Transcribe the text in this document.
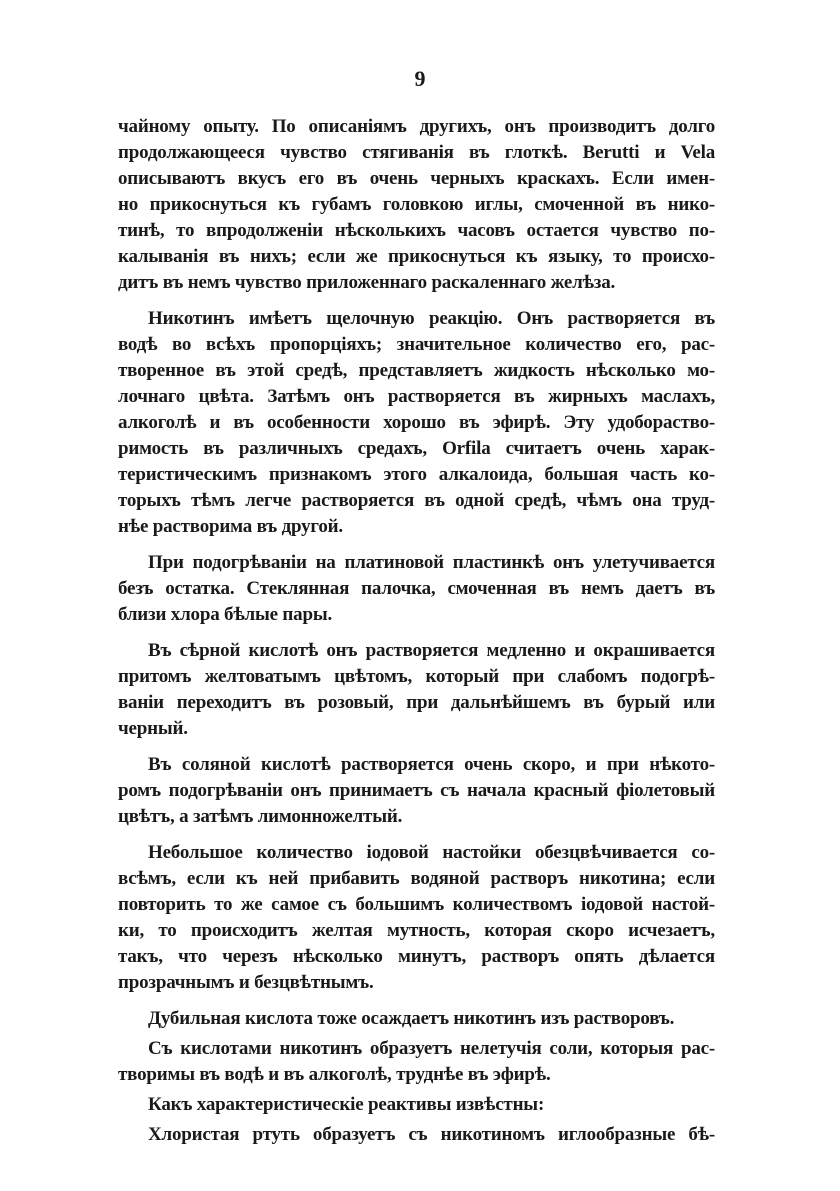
9
чайному опыту. По описаніямъ другихъ, онъ производитъ долго
продолжающееся чувство стягиванія въ глоткѣ. Berutti и Vela
описываютъ вкусъ его въ очень черныхъ краскахъ. Если имен-
но прикоснуться къ губамъ головкою иглы, смоченной въ нико-
тинѣ, то впродолженіи нѣсколькихъ часовъ остается чувство по-
калыванія въ нихъ; если же прикоснуться къ языку, то происхо-
дитъ въ немъ чувство приложеннаго раскаленнаго желѣза.
Никотинъ имѣетъ щелочную реакцію. Онъ растворяется въ
водѣ во всѣхъ пропорціяхъ; значительное количество его, рас-
творенное въ этой средѣ, представляетъ жидкость нѣсколько мо-
лочнаго цвѣта. Затѣмъ онъ растворяется въ жирныхъ маслахъ,
алкоголѣ и въ особенности хорошо въ эфирѣ. Эту удобораство-
римость въ различныхъ средахъ, Orfila считаетъ очень харак-
теристическимъ признакомъ этого алкалоида, большая часть ко-
торыхъ тѣмъ легче растворяется въ одной средѣ, чѣмъ она труд-
нѣе растворима въ другой.
При подогрѣваніи на платиновой пластинкѣ онъ улетучивается
безъ остатка. Стеклянная палочка, смоченная въ немъ даетъ въ
близи хлора бѣлые пары.
Въ сѣрной кислотѣ онъ растворяется медленно и окрашивается
притомъ желтоватымъ цвѣтомъ, который при слабомъ подогрѣ-
ваніи переходитъ въ розовый, при дальнѣйшемъ въ бурый или
черный.
Въ соляной кислотѣ растворяется очень скоро, и при нѣкото-
ромъ подогрѣваніи онъ принимаетъ съ начала красный фіолетовый
цвѣтъ, а затѣмъ лимонножелтый.
Небольшое количество іодовой настойки обезцвѣчивается со-
всѣмъ, если къ ней прибавить водяной растворъ никотина; если
повторить то же самое съ большимъ количествомъ іодовой настой-
ки, то происходитъ желтая мутность, которая скоро исчезаетъ,
такъ, что черезъ нѣсколько минутъ, растворъ опять дѣлается
прозрачнымъ и безцвѣтнымъ.
Дубильная кислота тоже осаждаетъ никотинъ изъ растворовъ.
Съ кислотами никотинъ образуетъ нелетучія соли, которыя рас-
творимы въ водѣ и въ алкоголѣ, труднѣе въ эфирѣ.
Какъ характеристическіе реактивы извѣстны:
Хлористая ртуть образуетъ съ никотиномъ иглообразные бѣ-
